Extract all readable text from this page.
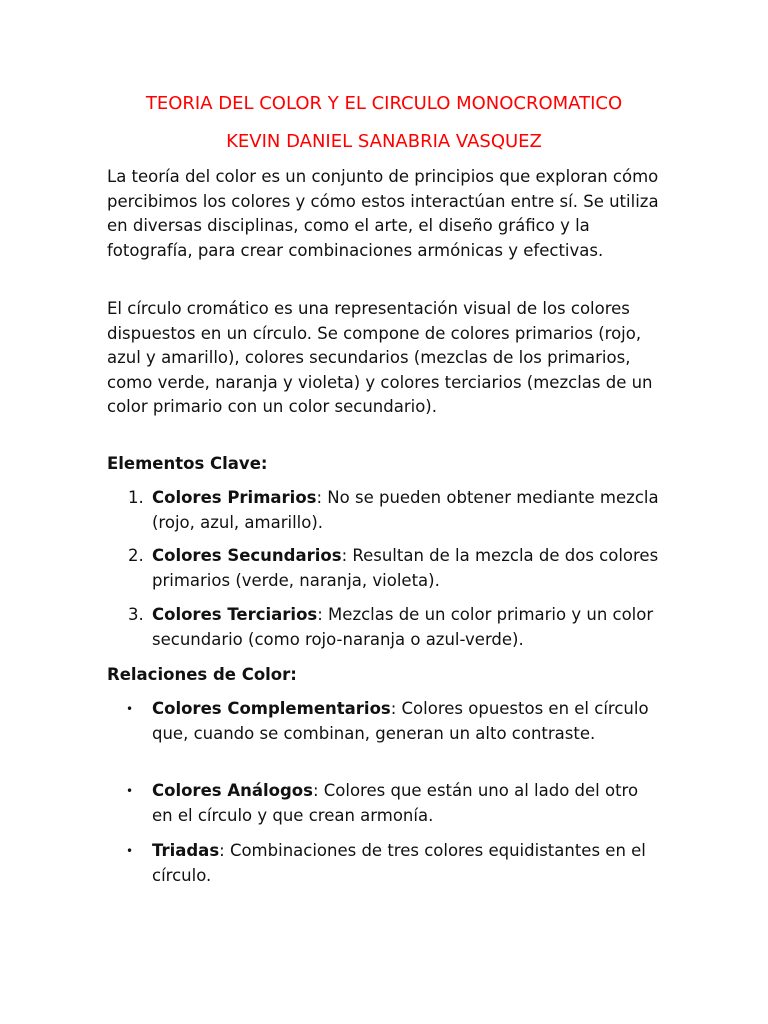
TEORIA DEL COLOR Y EL CIRCULO MONOCROMATICO
KEVIN DANIEL SANABRIA VASQUEZ

La teoría del color es un conjunto de principios que exploran cómo percibimos los colores y cómo estos interactúan entre sí. Se utiliza en diversas disciplinas, como el arte, el diseño gráfico y la fotografía, para crear combinaciones armónicas y efectivas.

El círculo cromático es una representación visual de los colores dispuestos en un círculo. Se compone de colores primarios (rojo, azul y amarillo), colores secundarios (mezclas de los primarios, como verde, naranja y violeta) y colores terciarios (mezclas de un color primario con un color secundario).

Elementos Clave:
1. Colores Primarios: No se pueden obtener mediante mezcla (rojo, azul, amarillo).

2. Colores Secundarios: Resultan de la mezcla de dos colores primarios (verde, naranja, violeta).

3. Colores Terciarios: Mezclas de un color primario y un color secundario (como rojo-naranja o azul-verde).

Relaciones de Color:
• Colores Complementarios: Colores opuestos en el círculo que, cuando se combinan, generan un alto contraste.

• Colores Análogos: Colores que están uno al lado del otro en el círculo y que crean armonía.

• Triadas: Combinaciones de tres colores equidistantes en el círculo.
